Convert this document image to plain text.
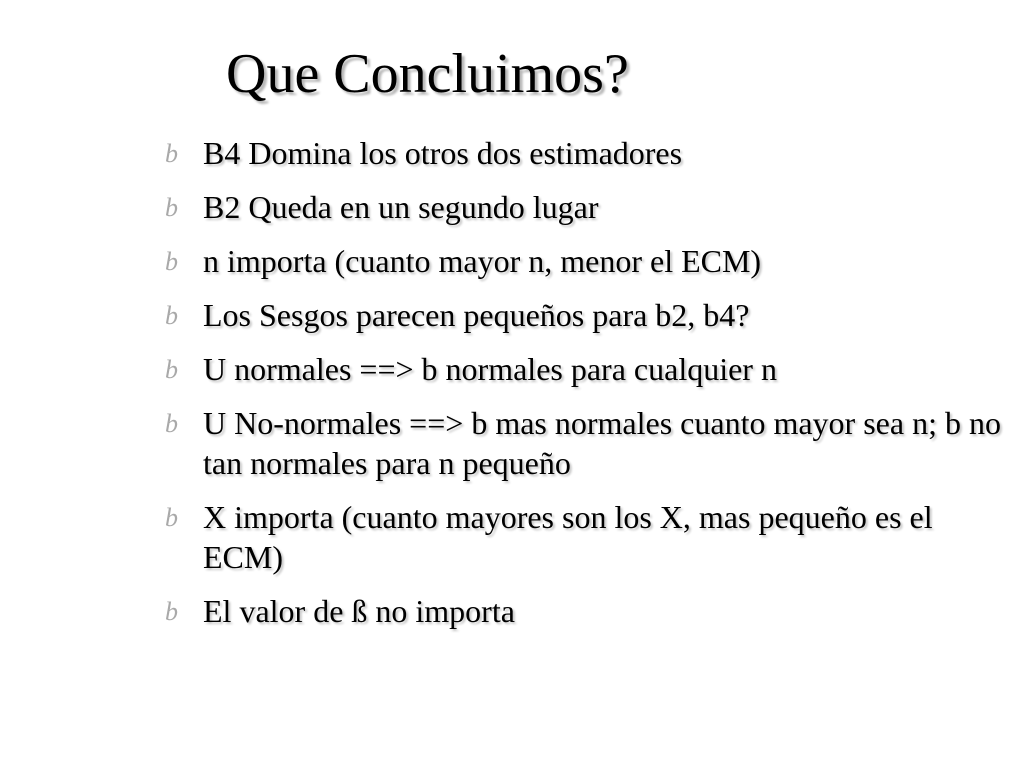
Que Concluimos?
b B4 Domina los otros dos estimadores
b B2 Queda en un segundo lugar
b n importa (cuanto mayor n, menor el ECM)
b Los Sesgos parecen pequeños para b2, b4?
b U normales ==> b normales para cualquier n
b U No-normales ==> b mas normales cuanto mayor sea n; b no tan normales para n pequeño
b X importa (cuanto mayores son los X, mas pequeño es el ECM)
b El valor de ß no importa
